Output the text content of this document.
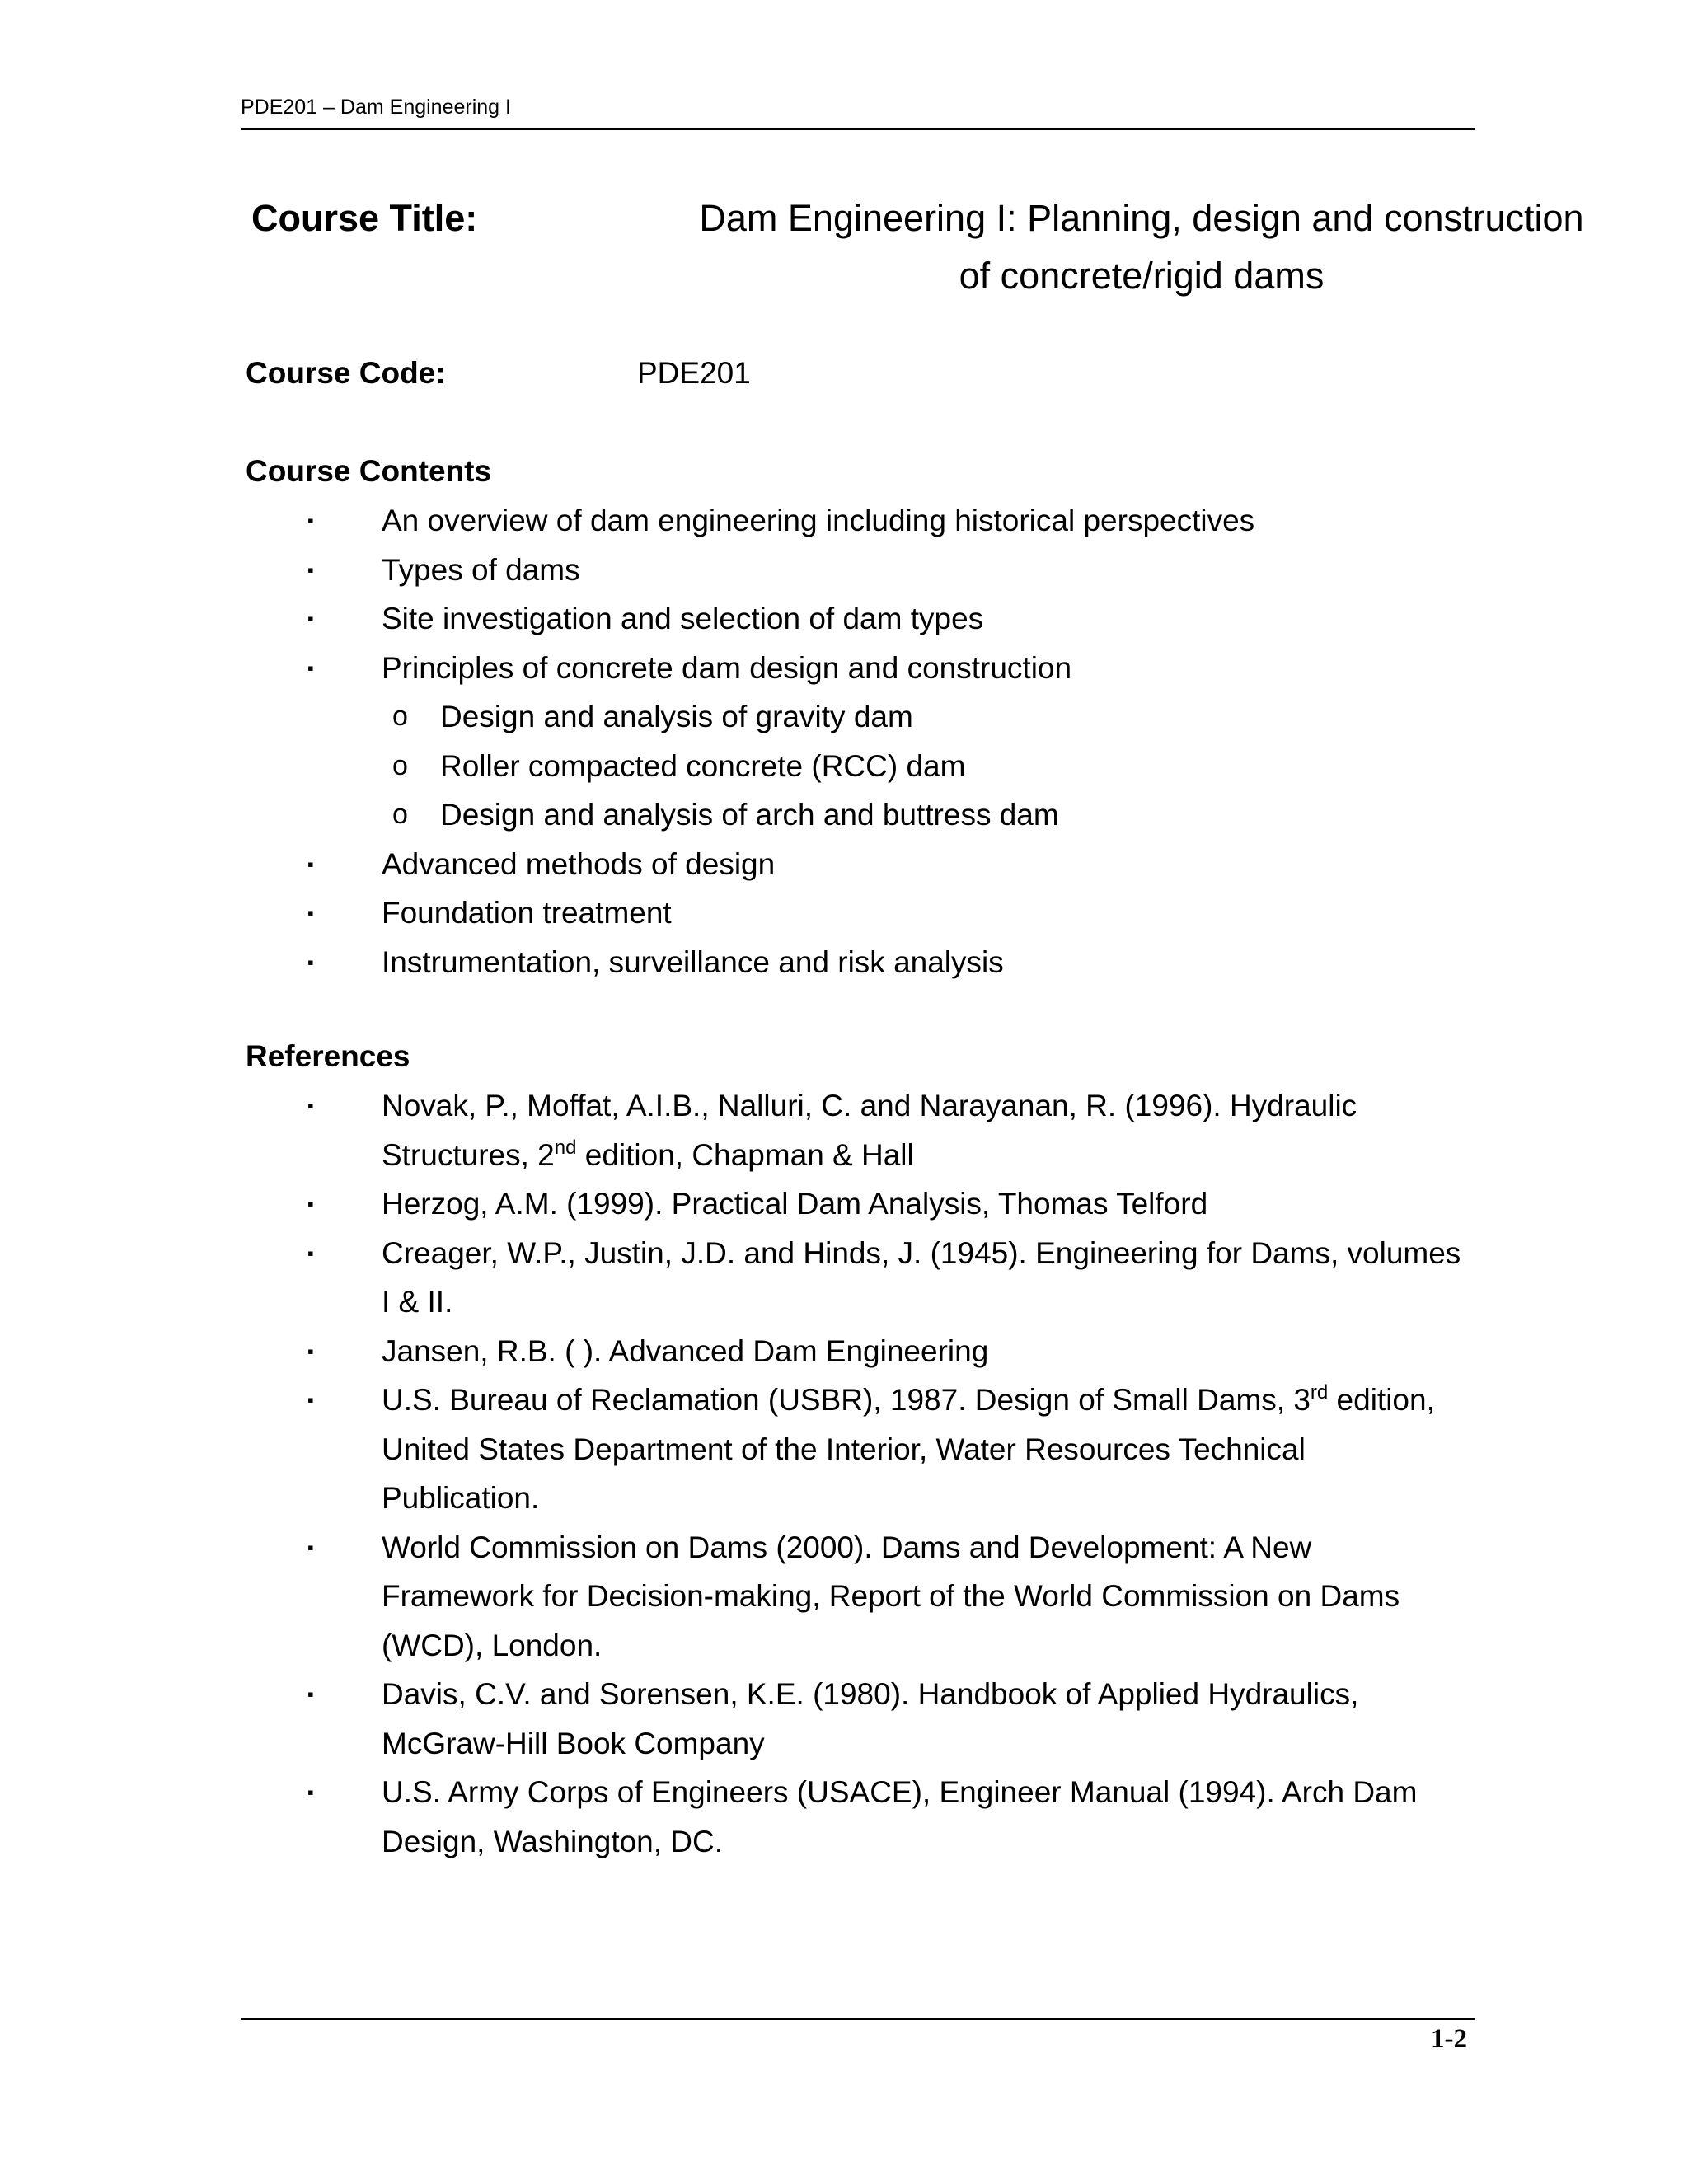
PDE201 – Dam Engineering I
Course Title:	Dam Engineering I: Planning, design and construction
of concrete/rigid dams
Course Code:	PDE201
Course Contents
▪ An overview of dam engineering including historical perspectives
▪ Types of dams
▪ Site investigation and selection of dam types
▪ Principles of concrete dam design and construction
o Design and analysis of gravity dam
o Roller compacted concrete (RCC) dam
o Design and analysis of arch and buttress dam
▪ Advanced methods of design
▪ Foundation treatment
▪ Instrumentation, surveillance and risk analysis
References
▪ Novak, P., Moffat, A.I.B., Nalluri, C. and Narayanan, R. (1996). Hydraulic Structures, 2nd edition, Chapman & Hall
▪ Herzog, A.M. (1999). Practical Dam Analysis, Thomas Telford
▪ Creager, W.P., Justin, J.D. and Hinds, J. (1945). Engineering for Dams, volumes I & II.
▪ Jansen, R.B. ( ). Advanced Dam Engineering
▪ U.S. Bureau of Reclamation (USBR), 1987. Design of Small Dams, 3rd edition, United States Department of the Interior, Water Resources Technical Publication.
▪ World Commission on Dams (2000). Dams and Development: A New Framework for Decision-making, Report of the World Commission on Dams (WCD), London.
▪ Davis, C.V. and Sorensen, K.E. (1980). Handbook of Applied Hydraulics, McGraw-Hill Book Company
▪ U.S. Army Corps of Engineers (USACE), Engineer Manual (1994). Arch Dam Design, Washington, DC.
1-2
